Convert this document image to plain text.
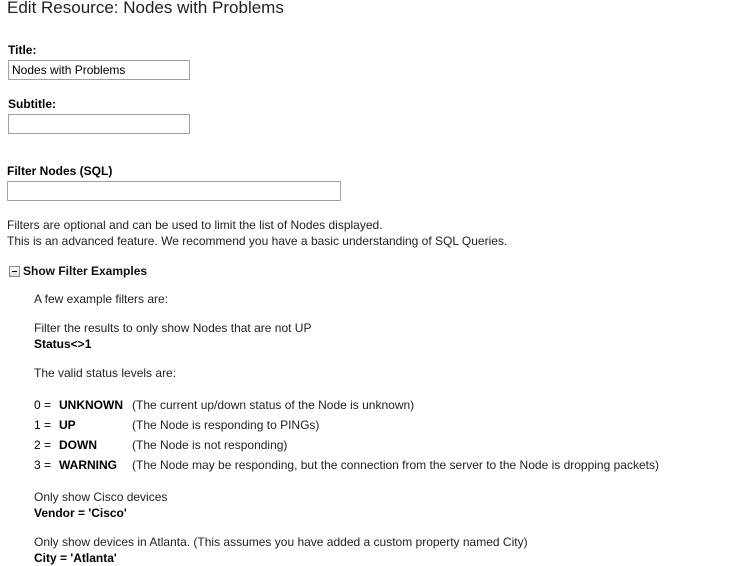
Edit Resource: Nodes with Problems
Title:
Nodes with Problems
Subtitle:
Filter Nodes (SQL)
Filters are optional and can be used to limit the list of Nodes displayed.
This is an advanced feature. We recommend you have a basic understanding of SQL Queries.
Show Filter Examples
A few example filters are:
Filter the results to only show Nodes that are not UP
Status<>1
The valid status levels are:
0 = UNKNOWN (The current up/down status of the Node is unknown)
1 = UP	(The Node is responding to PINGs)
2 = DOWN	(The Node is not responding)
3 = WARNING (The Node may be responding, but the connection from the server to the Node is dropping packets)
Only show Cisco devices
Vendor = 'Cisco'
Only show devices in Atlanta. (This assumes you have added a custom property named City)
City = 'Atlanta'
